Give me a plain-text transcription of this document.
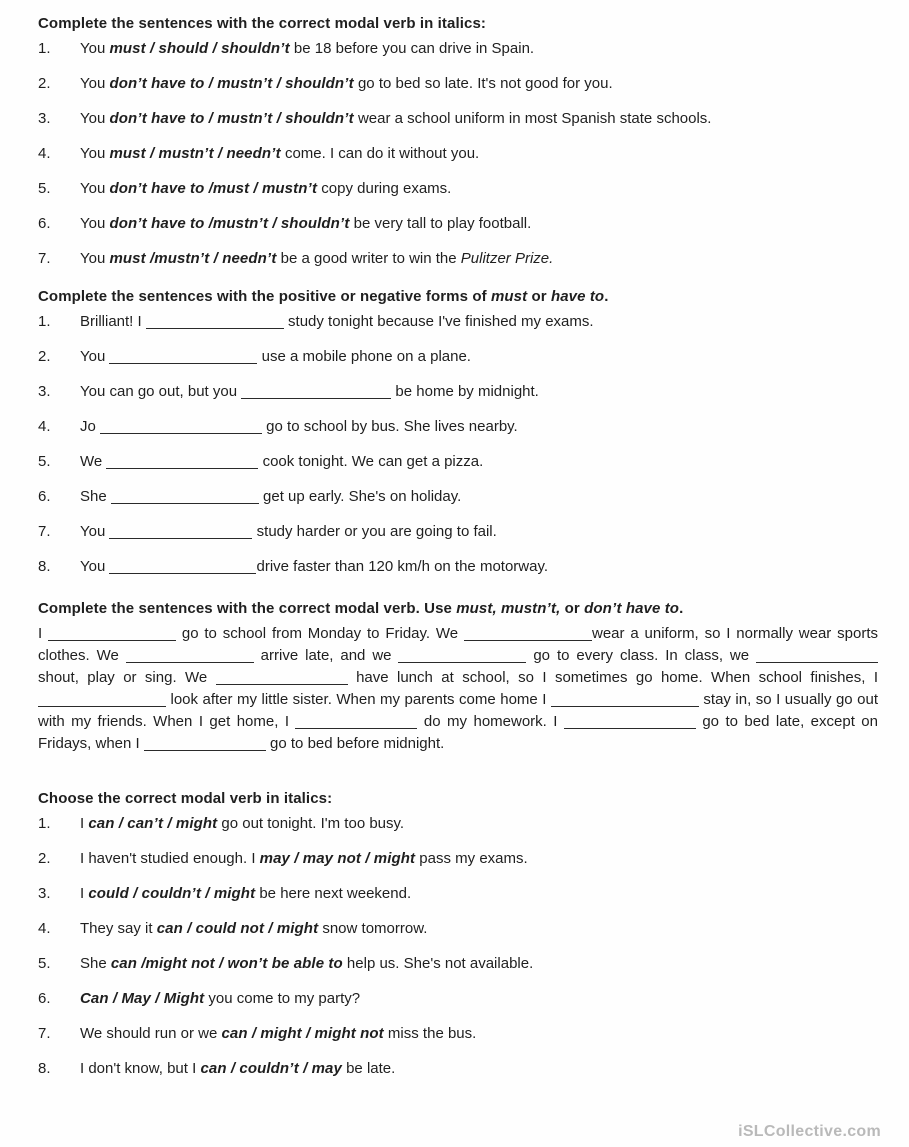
Complete the sentences with the correct modal verb in italics:
1.	You must / should / shouldn’t be 18 before you can drive in Spain.
2.	You don’t have to / mustn’t / shouldn’t go to bed so late. It's not good for you.
3.	You don’t have to / mustn’t / shouldn’t wear a school uniform in most Spanish state schools.
4.	You must / mustn’t / needn’t come. I can do it without you.
5.	You don’t have to /must / mustn’t copy during exams.
6.	You don’t have to /mustn’t / shouldn’t be very tall to play football.
7.	You must /mustn’t / needn’t be a good writer to win the Pulitzer Prize.
Complete the sentences with the positive or negative forms of must or have to.
1.	Brilliant! I	study tonight because I've finished my exams.
2.	You	use a mobile phone on a plane.
3.	You can go out, but you	be home by midnight.
4.	Jo	go to school by bus. She lives nearby.
5.	We	cook tonight. We can get a pizza.
6.	She	get up early. She's on holiday.
7.	You	study harder or you are going to fail.
8.	You	drive faster than 120 km/h on the motorway.
Complete the sentences with the correct modal verb. Use must, mustn’t, or don’t have to.
I	go to school from Monday to Friday. We	wear a uniform, so I normally wear sports clothes. We	arrive late, and we	go to every class. In class, we  shout, play or sing. We	have lunch at school, so I sometimes go home. When school finishes, I  look after my little sister. When my parents come home I	stay in, so I usually go out with my friends. When I get home, I	do my homework. I	go to bed late, except on Fridays, when I	go to bed before midnight.
Choose the correct modal verb in italics:
1.	I can / can’t / might go out tonight. I'm too busy.
2.	I haven't studied enough. I may / may not / might pass my exams.
3.	I could / couldn’t / might be here next weekend.
4.	They say it can / could not / might snow tomorrow.
5.	She can /might not / won’t be able to help us. She's not available.
6.	Can / May / Might you come to my party?
7.	We should run or we can / might / might not miss the bus.
8.	I don't know, but I can / couldn’t / may be late.
iSLCollective.com
